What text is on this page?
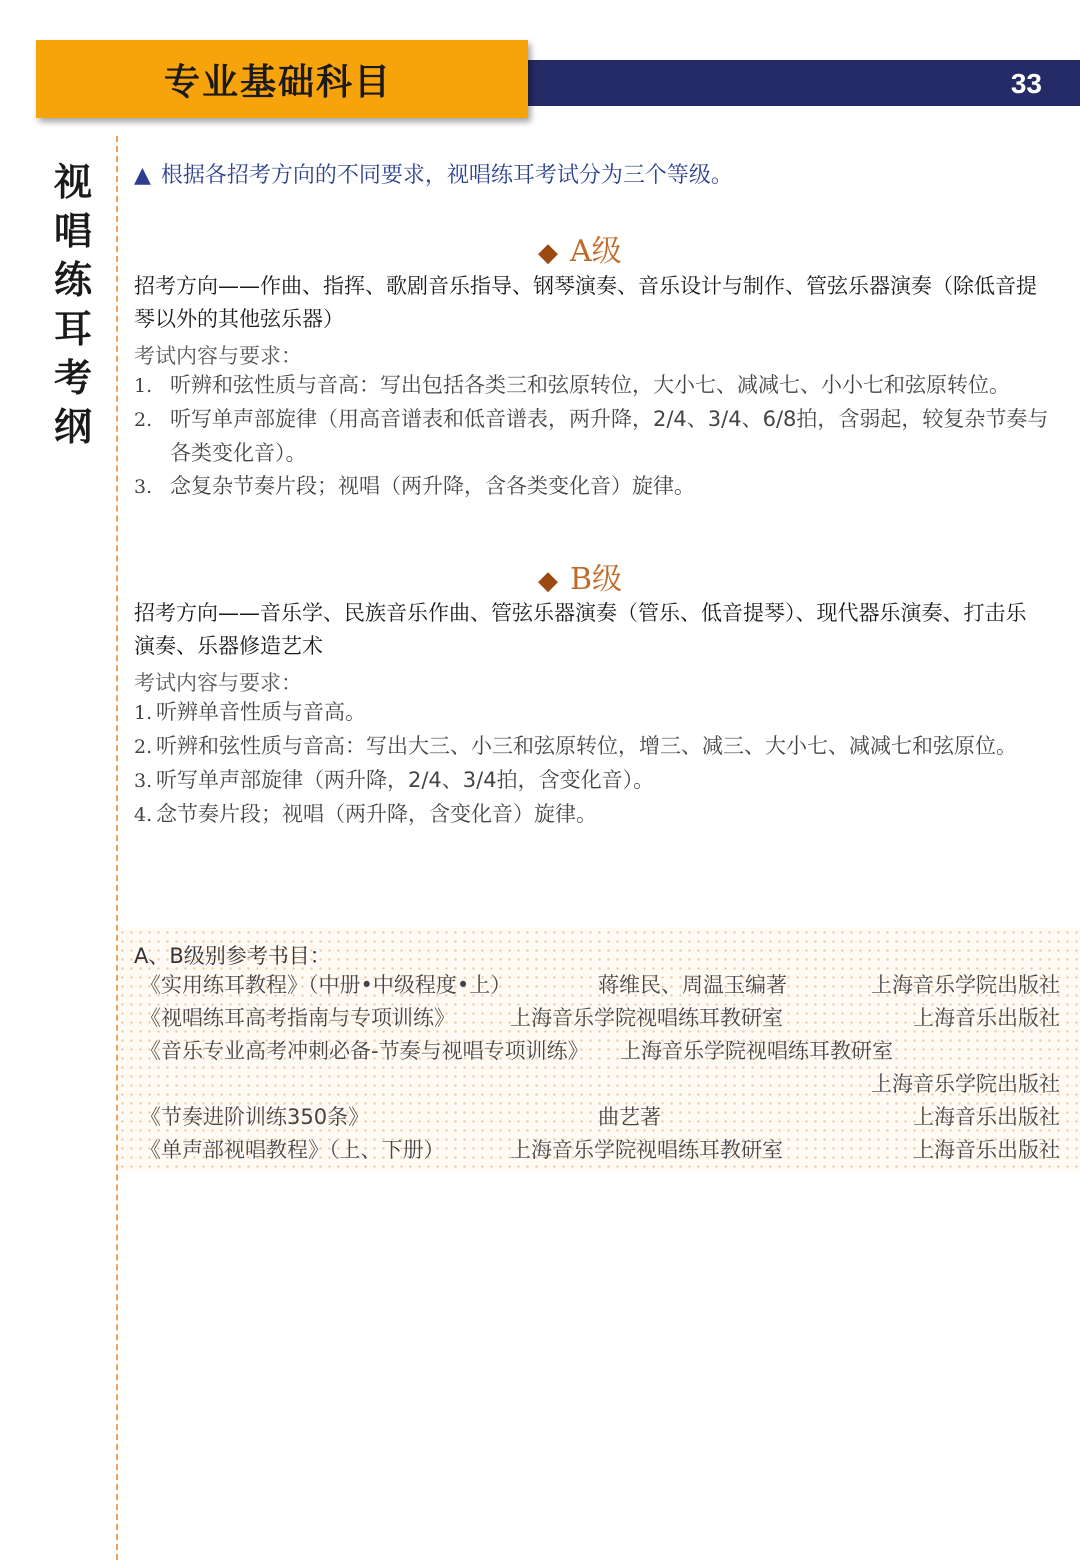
33
专业基础科目
视
唱
练
耳
考
纲
▲ 根据各招考方向的不同要求，视唱练耳考试分为三个等级。
◆ A级
招考方向——作曲、指挥、歌剧音乐指导、钢琴演奏、音乐设计与制作、管弦乐器演奏（除低音提琴以外的其他弦乐器）
考试内容与要求：
1. 听辨和弦性质与音高：写出包括各类三和弦原转位，大小七、减减七、小小七和弦原转位。
2. 听写单声部旋律（用高音谱表和低音谱表，两升降，2/4、3/4、6/8拍，含弱起，较复杂节奏与各类变化音）。
3. 念复杂节奏片段；视唱（两升降，含各类变化音）旋律。
◆ B级
招考方向——音乐学、民族音乐作曲、管弦乐器演奏（管乐、低音提琴）、现代器乐演奏、打击乐演奏、乐器修造艺术
考试内容与要求：
1. 听辨单音性质与音高。
2. 听辨和弦性质与音高：写出大三、小三和弦原转位，增三、减三、大小七、减减七和弦原位。
3. 听写单声部旋律（两升降，2/4、3/4拍，含变化音）。
4. 念节奏片段；视唱（两升降，含变化音）旋律。
A、B级别参考书目：
《实用练耳教程》（中册•中级程度•上）	蒋维民、周温玉编著	上海音乐学院出版社
《视唱练耳高考指南与专项训练》	上海音乐学院视唱练耳教研室	上海音乐出版社
《音乐专业高考冲刺必备-节奏与视唱专项训练》 上海音乐学院视唱练耳教研室
上海音乐学院出版社
《节奏进阶训练350条》	曲艺著	上海音乐出版社
《单声部视唱教程》（上、下册）	上海音乐学院视唱练耳教研室	上海音乐出版社
